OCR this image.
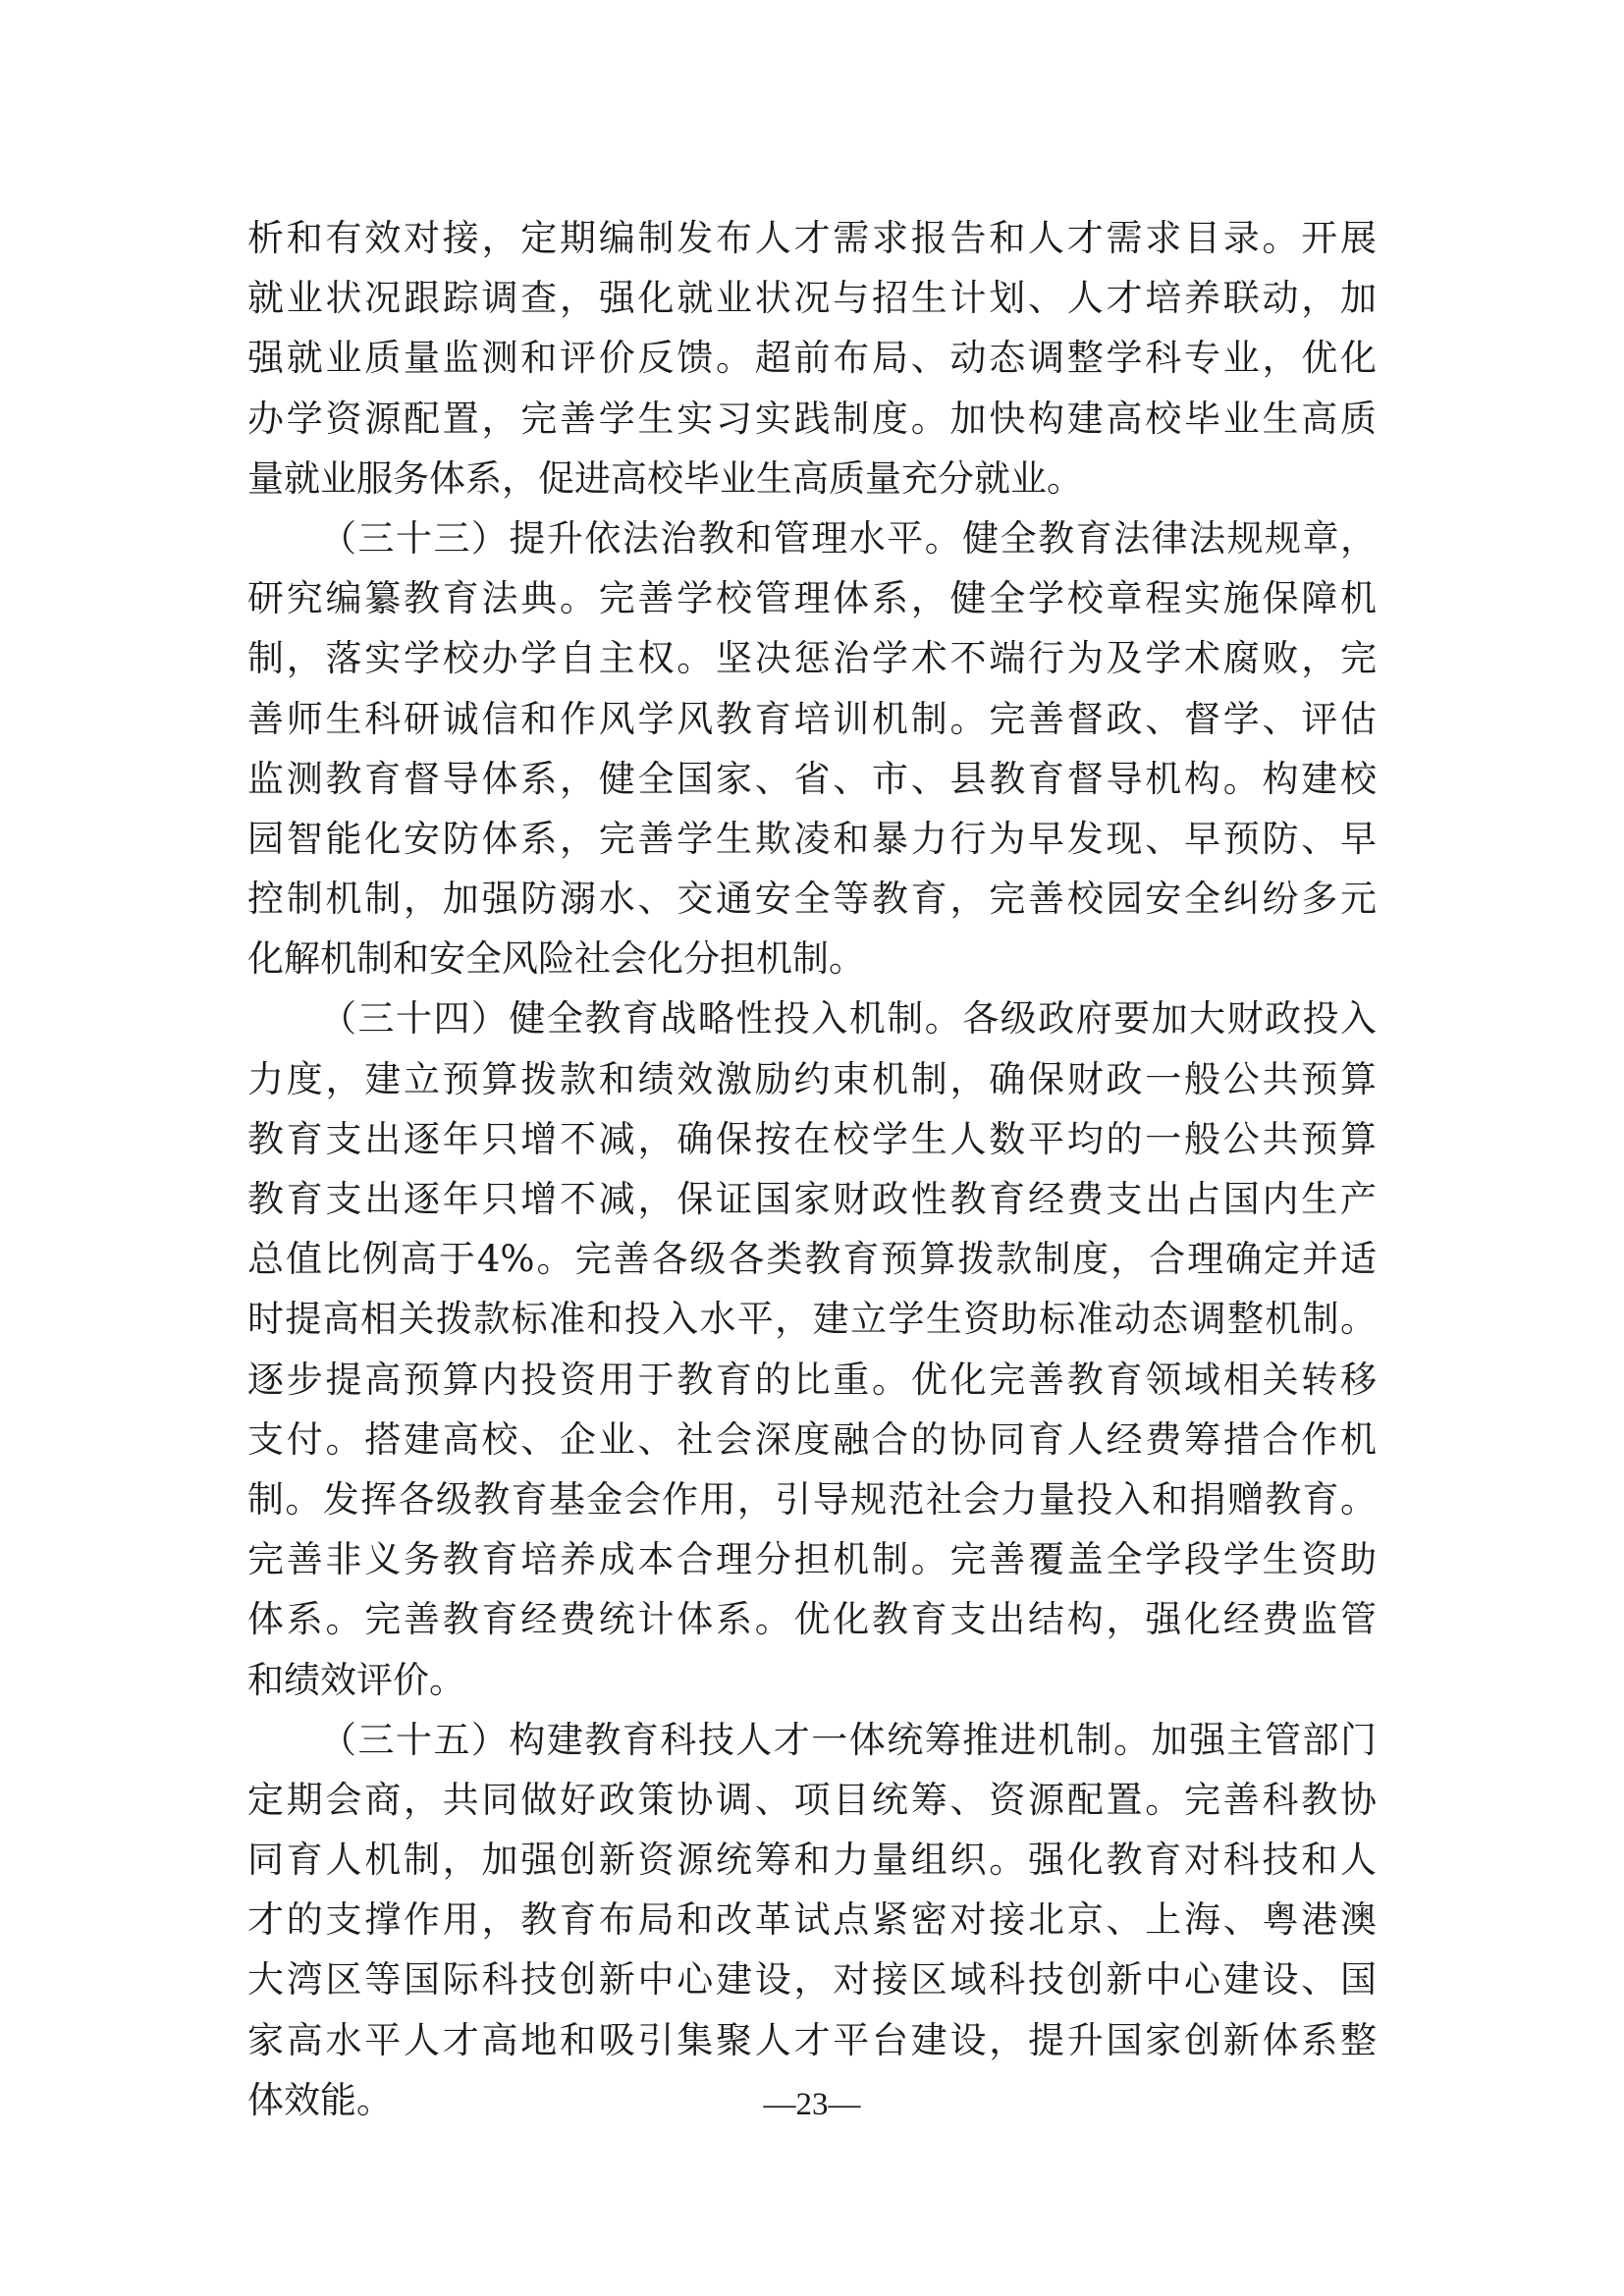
析和有效对接，定期编制发布人才需求报告和人才需求目录。开展
就业状况跟踪调查，强化就业状况与招生计划、人才培养联动，加
强就业质量监测和评价反馈。超前布局、动态调整学科专业，优化
办学资源配置，完善学生实习实践制度。加快构建高校毕业生高质
量就业服务体系，促进高校毕业生高质量充分就业。
（三十三）提升依法治教和管理水平。健全教育法律法规规章，
研究编纂教育法典。完善学校管理体系，健全学校章程实施保障机
制，落实学校办学自主权。坚决惩治学术不端行为及学术腐败，完
善师生科研诚信和作风学风教育培训机制。完善督政、督学、评估
监测教育督导体系，健全国家、省、市、县教育督导机构。构建校
园智能化安防体系，完善学生欺凌和暴力行为早发现、早预防、早
控制机制，加强防溺水、交通安全等教育，完善校园安全纠纷多元
化解机制和安全风险社会化分担机制。
（三十四）健全教育战略性投入机制。各级政府要加大财政投入
力度，建立预算拨款和绩效激励约束机制，确保财政一般公共预算
教育支出逐年只增不减，确保按在校学生人数平均的一般公共预算
教育支出逐年只增不减，保证国家财政性教育经费支出占国内生产
总值比例高于4%。完善各级各类教育预算拨款制度，合理确定并适
时提高相关拨款标准和投入水平，建立学生资助标准动态调整机制。
逐步提高预算内投资用于教育的比重。优化完善教育领域相关转移
支付。搭建高校、企业、社会深度融合的协同育人经费筹措合作机
制。发挥各级教育基金会作用，引导规范社会力量投入和捐赠教育。
完善非义务教育培养成本合理分担机制。完善覆盖全学段学生资助
体系。完善教育经费统计体系。优化教育支出结构，强化经费监管
和绩效评价。
（三十五）构建教育科技人才一体统筹推进机制。加强主管部门
定期会商，共同做好政策协调、项目统筹、资源配置。完善科教协
同育人机制，加强创新资源统筹和力量组织。强化教育对科技和人
才的支撑作用，教育布局和改革试点紧密对接北京、上海、粤港澳
大湾区等国际科技创新中心建设，对接区域科技创新中心建设、国
家高水平人才高地和吸引集聚人才平台建设，提升国家创新体系整
体效能。	—23—
